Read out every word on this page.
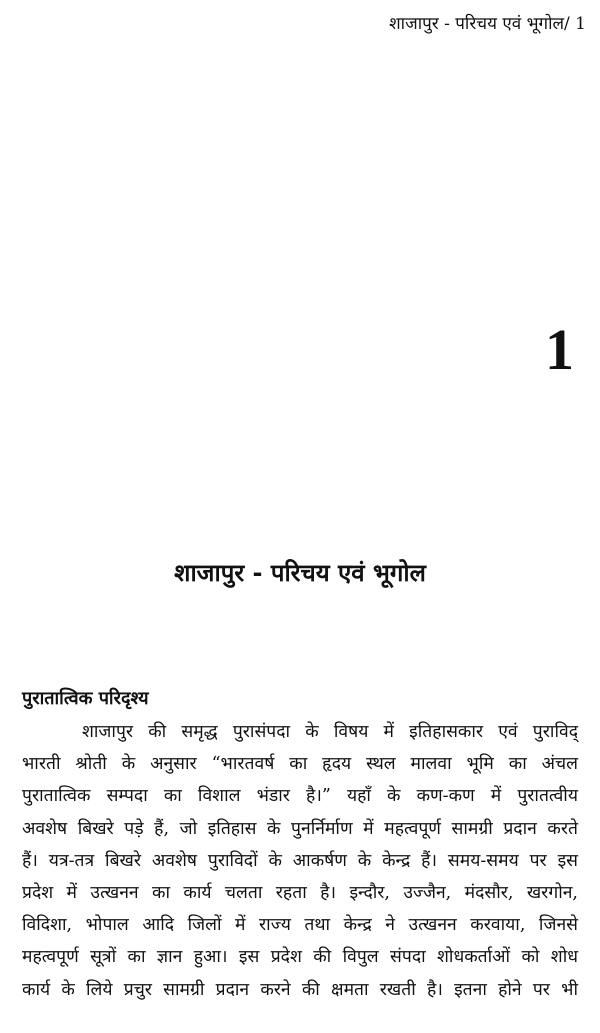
शाजापुर - परिचय एवं भूगोल/ 1
1
शाजापुर - परिचय एवं भूगोल
पुरातात्विक परिदृश्य
शाजापुर की समृद्ध पुरासंपदा के विषय में इतिहासकार एवं पुराविद्
भारती श्रोती के अनुसार “भारतवर्ष का हृदय स्थल मालवा भूमि का अंचल
पुरातात्विक सम्पदा का विशाल भंडार है।” यहाँ के कण-कण में पुरातत्वीय
अवशेष बिखरे पड़े हैं, जो इतिहास के पुनर्निर्माण में महत्वपूर्ण सामग्री प्रदान करते
हैं। यत्र-तत्र बिखरे अवशेष पुराविदों के आकर्षण के केन्द्र हैं। समय-समय पर इस
प्रदेश में उत्खनन का कार्य चलता रहता है। इन्दौर, उज्जैन, मंदसौर, खरगोन,
विदिशा, भोपाल आदि जिलों में राज्य तथा केन्द्र ने उत्खनन करवाया, जिनसे
महत्वपूर्ण सूत्रों का ज्ञान हुआ। इस प्रदेश की विपुल संपदा शोधकर्ताओं को शोध
कार्य के लिये प्रचुर सामग्री प्रदान करने की क्षमता रखती है। इतना होने पर भी
